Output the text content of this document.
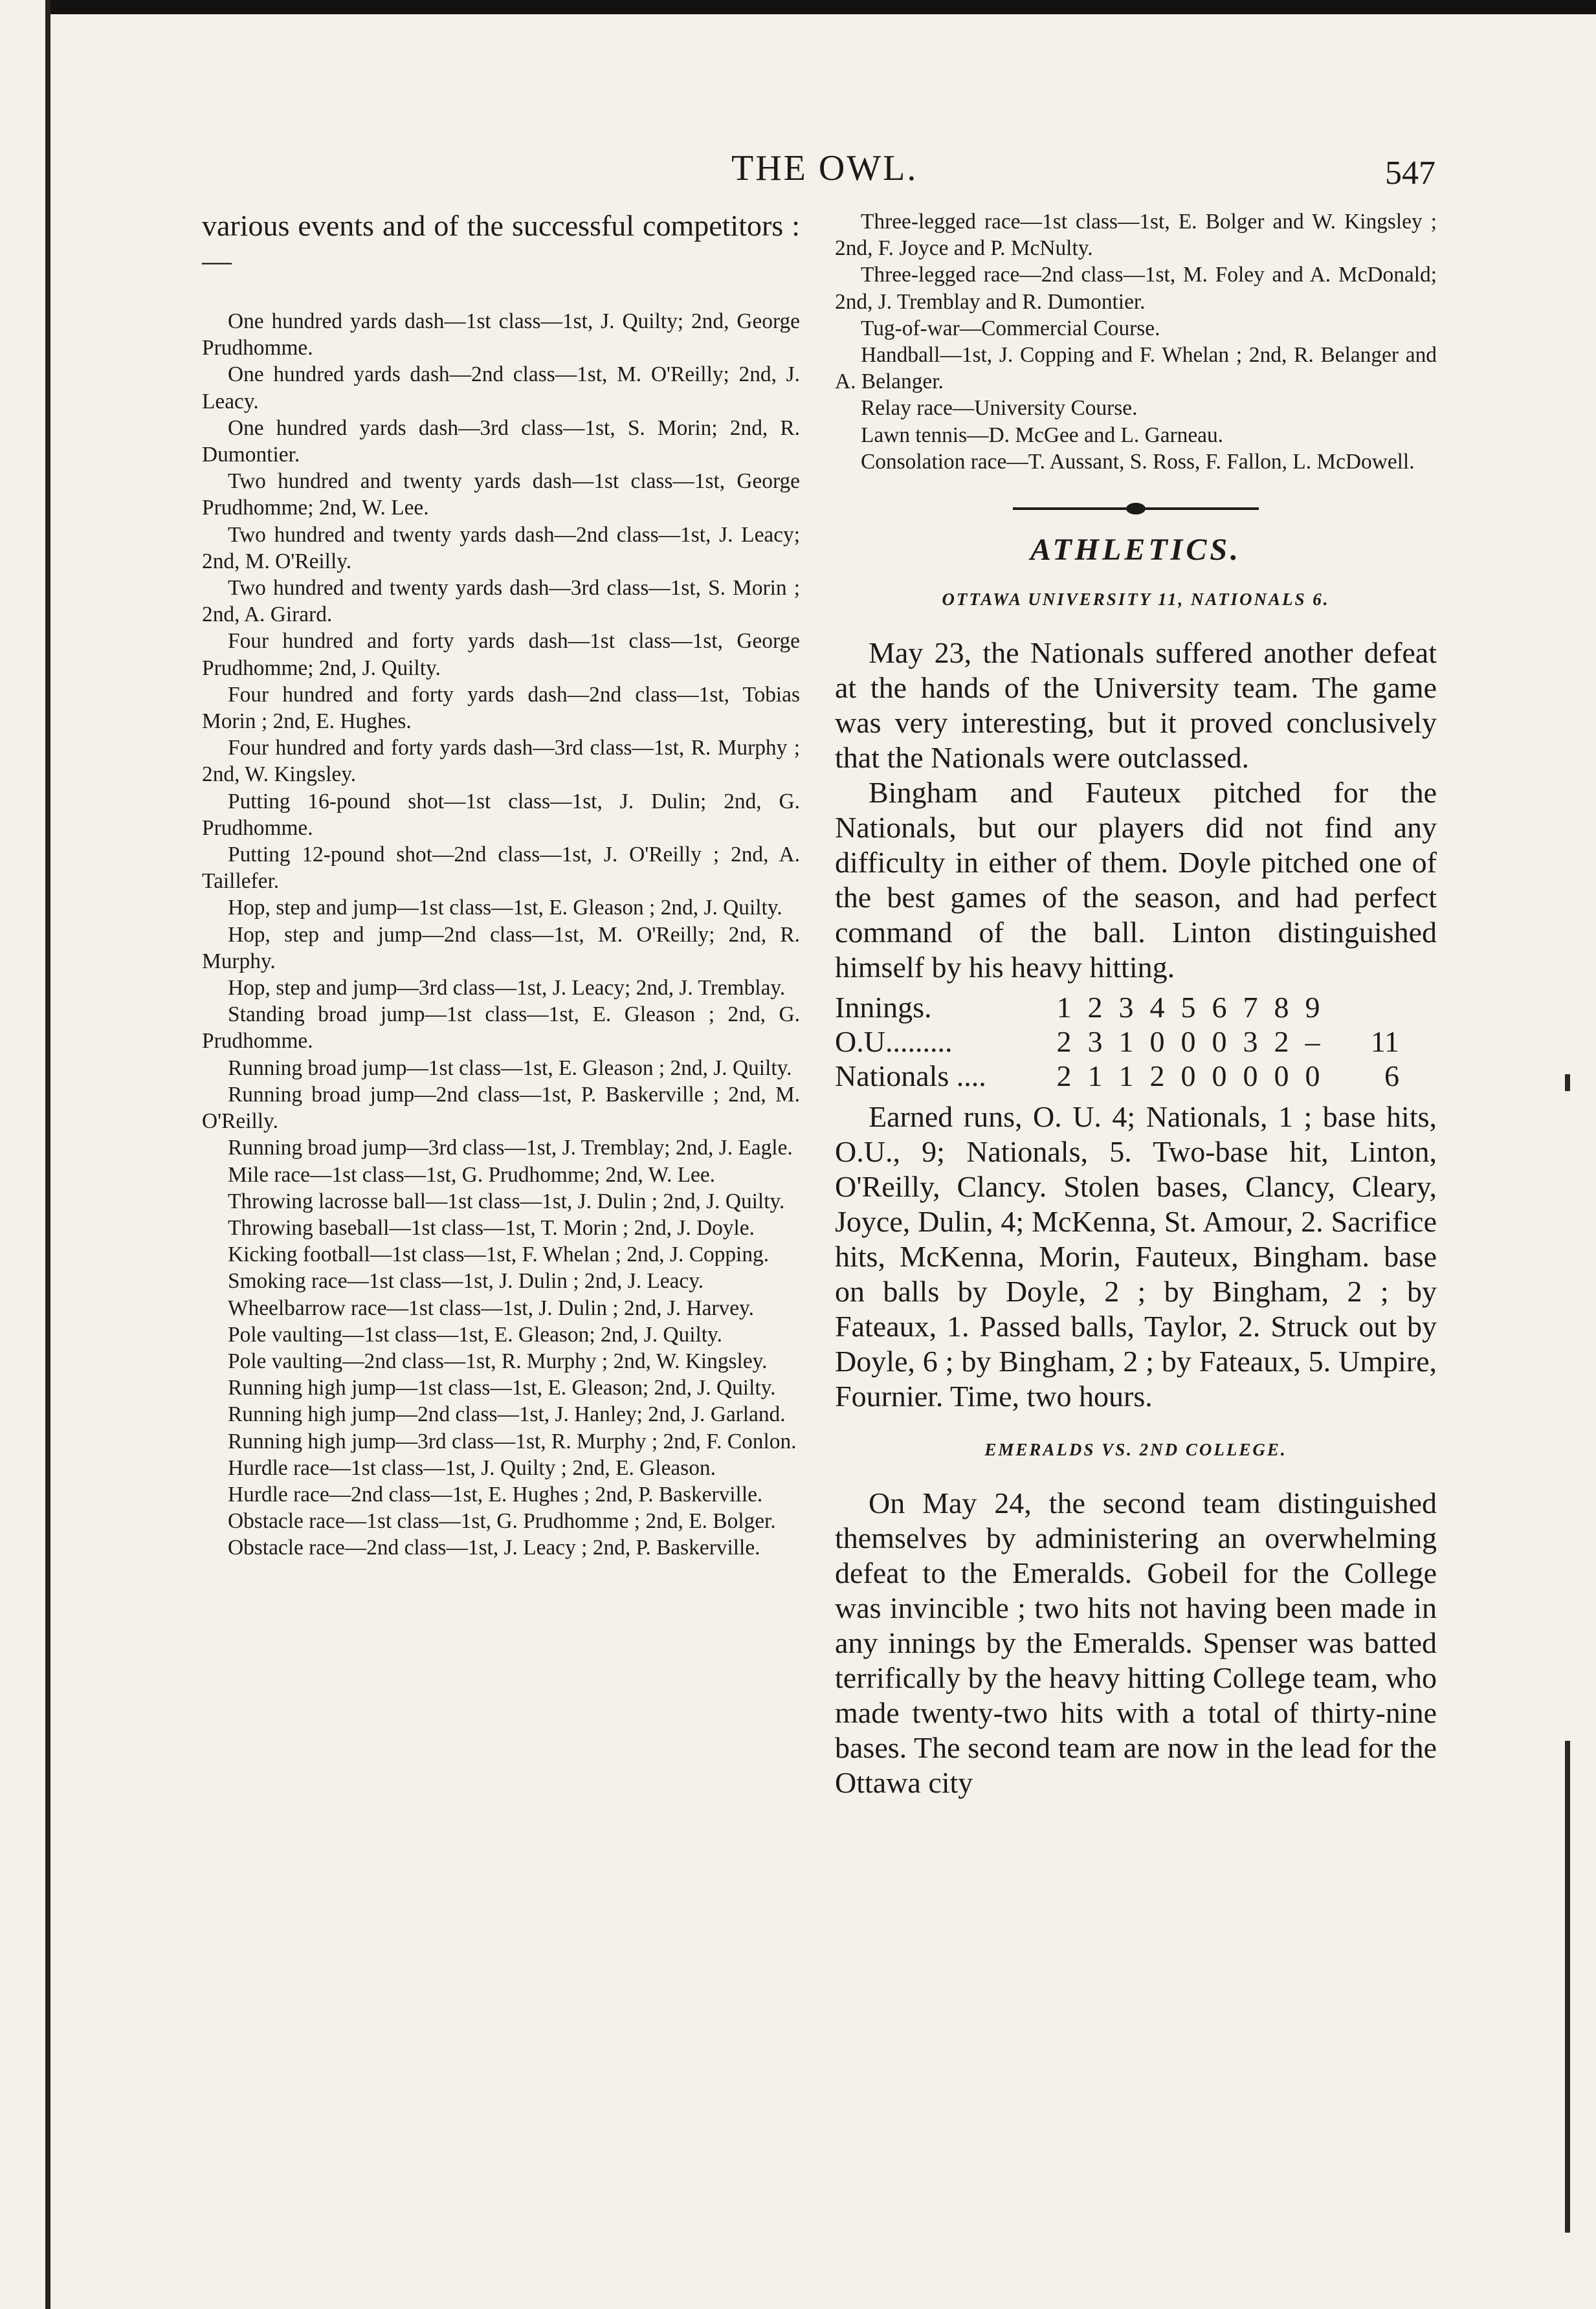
THE OWL.	547

various events and of the successful competitors :—

One hundred yards dash—1st class—1st, J. Quilty; 2nd, George Prudhomme.

One hundred yards dash—2nd class—1st, M. O'Reilly; 2nd, J. Leacy.

One hundred yards dash—3rd class—1st, S. Morin; 2nd, R. Dumontier.

Two hundred and twenty yards dash—1st class—1st, George Prudhomme; 2nd, W. Lee.

Two hundred and twenty yards dash—2nd class—1st, J. Leacy; 2nd, M. O'Reilly.

Two hundred and twenty yards dash—3rd class—1st, S. Morin ; 2nd, A. Girard.

Four hundred and forty yards dash—1st class—1st, George Prudhomme; 2nd, J. Quilty.

Four hundred and forty yards dash—2nd class—1st, Tobias Morin ; 2nd, E. Hughes.

Four hundred and forty yards dash—3rd class—1st, R. Murphy ; 2nd, W. Kingsley.

Putting 16-pound shot—1st class—1st, J. Dulin; 2nd, G. Prudhomme.

Putting 12-pound shot—2nd class—1st, J. O'Reilly ; 2nd, A. Taillefer.

Hop, step and jump—1st class—1st, E. Gleason ; 2nd, J. Quilty.

Hop, step and jump—2nd class—1st, M. O'Reilly; 2nd, R. Murphy.

Hop, step and jump—3rd class—1st, J. Leacy; 2nd, J. Tremblay.

Standing broad jump—1st class—1st, E. Gleason ; 2nd, G. Prudhomme.

Running broad jump—1st class—1st, E. Gleason ; 2nd, J. Quilty.

Running broad jump—2nd class—1st, P. Baskerville ; 2nd, M. O'Reilly.

Running broad jump—3rd class—1st, J. Tremblay; 2nd, J. Eagle.

Mile race—1st class—1st, G. Prudhomme; 2nd, W. Lee.

Throwing lacrosse ball—1st class—1st, J. Dulin ; 2nd, J. Quilty.

Throwing baseball—1st class—1st, T. Morin ; 2nd, J. Doyle.

Kicking football—1st class—1st, F. Whelan ; 2nd, J. Copping.

Smoking race—1st class—1st, J. Dulin ; 2nd, J. Leacy.

Wheelbarrow race—1st class—1st, J. Dulin ; 2nd, J. Harvey.

Pole vaulting—1st class—1st, E. Gleason; 2nd, J. Quilty.

Pole vaulting—2nd class—1st, R. Murphy ; 2nd, W. Kingsley.

Running high jump—1st class—1st, E. Gleason; 2nd, J. Quilty.

Running high jump—2nd class—1st, J. Hanley; 2nd, J. Garland.

Running high jump—3rd class—1st, R. Murphy ; 2nd, F. Conlon.

Hurdle race—1st class—1st, J. Quilty ; 2nd, E. Gleason.

Hurdle race—2nd class—1st, E. Hughes ; 2nd, P. Baskerville.

Obstacle race—1st class—1st, G. Prudhomme ; 2nd, E. Bolger.

Obstacle race—2nd class—1st, J. Leacy ; 2nd, P. Baskerville.

Three-legged race—1st class—1st, E. Bolger and W. Kingsley ; 2nd, F. Joyce and P. McNulty.

Three-legged race—2nd class—1st, M. Foley and A. McDonald; 2nd, J. Tremblay and R. Dumontier.

Tug-of-war—Commercial Course.

Handball—1st, J. Copping and F. Whelan ; 2nd, R. Belanger and A. Belanger.

Relay race—University Course.

Lawn tennis—D. McGee and L. Garneau.

Consolation race—T. Aussant, S. Ross, F. Fallon, L. McDowell.

ATHLETICS.
OTTAWA UNIVERSITY 11, NATIONALS 6.

May 23, the Nationals suffered another defeat at the hands of the University team. The game was very interesting, but it proved conclusively that the Nationals were outclassed.

Bingham and Fauteux pitched for the Nationals, but our players did not find any difficulty in either of them. Doyle pitched one of the best games of the season, and had perfect command of the ball. Linton distinguished himself by his heavy hitting.

Innings.	1	2	3	4	5	6	7	8	9	
O.U.........	2	3	1	0	0	0	3	2	–	11
Nationals ....	2	1	1	2	0	0	0	0	0	6

Earned runs, O. U. 4; Nationals, 1 ; base hits, O.U., 9; Nationals, 5. Two-base hit, Linton, O'Reilly, Clancy. Stolen bases, Clancy, Cleary, Joyce, Dulin, 4; McKenna, St. Amour, 2. Sacrifice hits, McKenna, Morin, Fauteux, Bingham. base on balls by Doyle, 2 ; by Bingham, 2 ; by Fateaux, 1. Passed balls, Taylor, 2. Struck out by Doyle, 6 ; by Bingham, 2 ; by Fateaux, 5. Umpire, Fournier. Time, two hours.

EMERALDS VS. 2ND COLLEGE.

On May 24, the second team distinguished themselves by administering an overwhelming defeat to the Emeralds. Gobeil for the College was invincible ; two hits not having been made in any innings by the Emeralds. Spenser was batted terrifically by the heavy hitting College team, who made twenty-two hits with a total of thirty-nine bases. The second team are now in the lead for the Ottawa city
